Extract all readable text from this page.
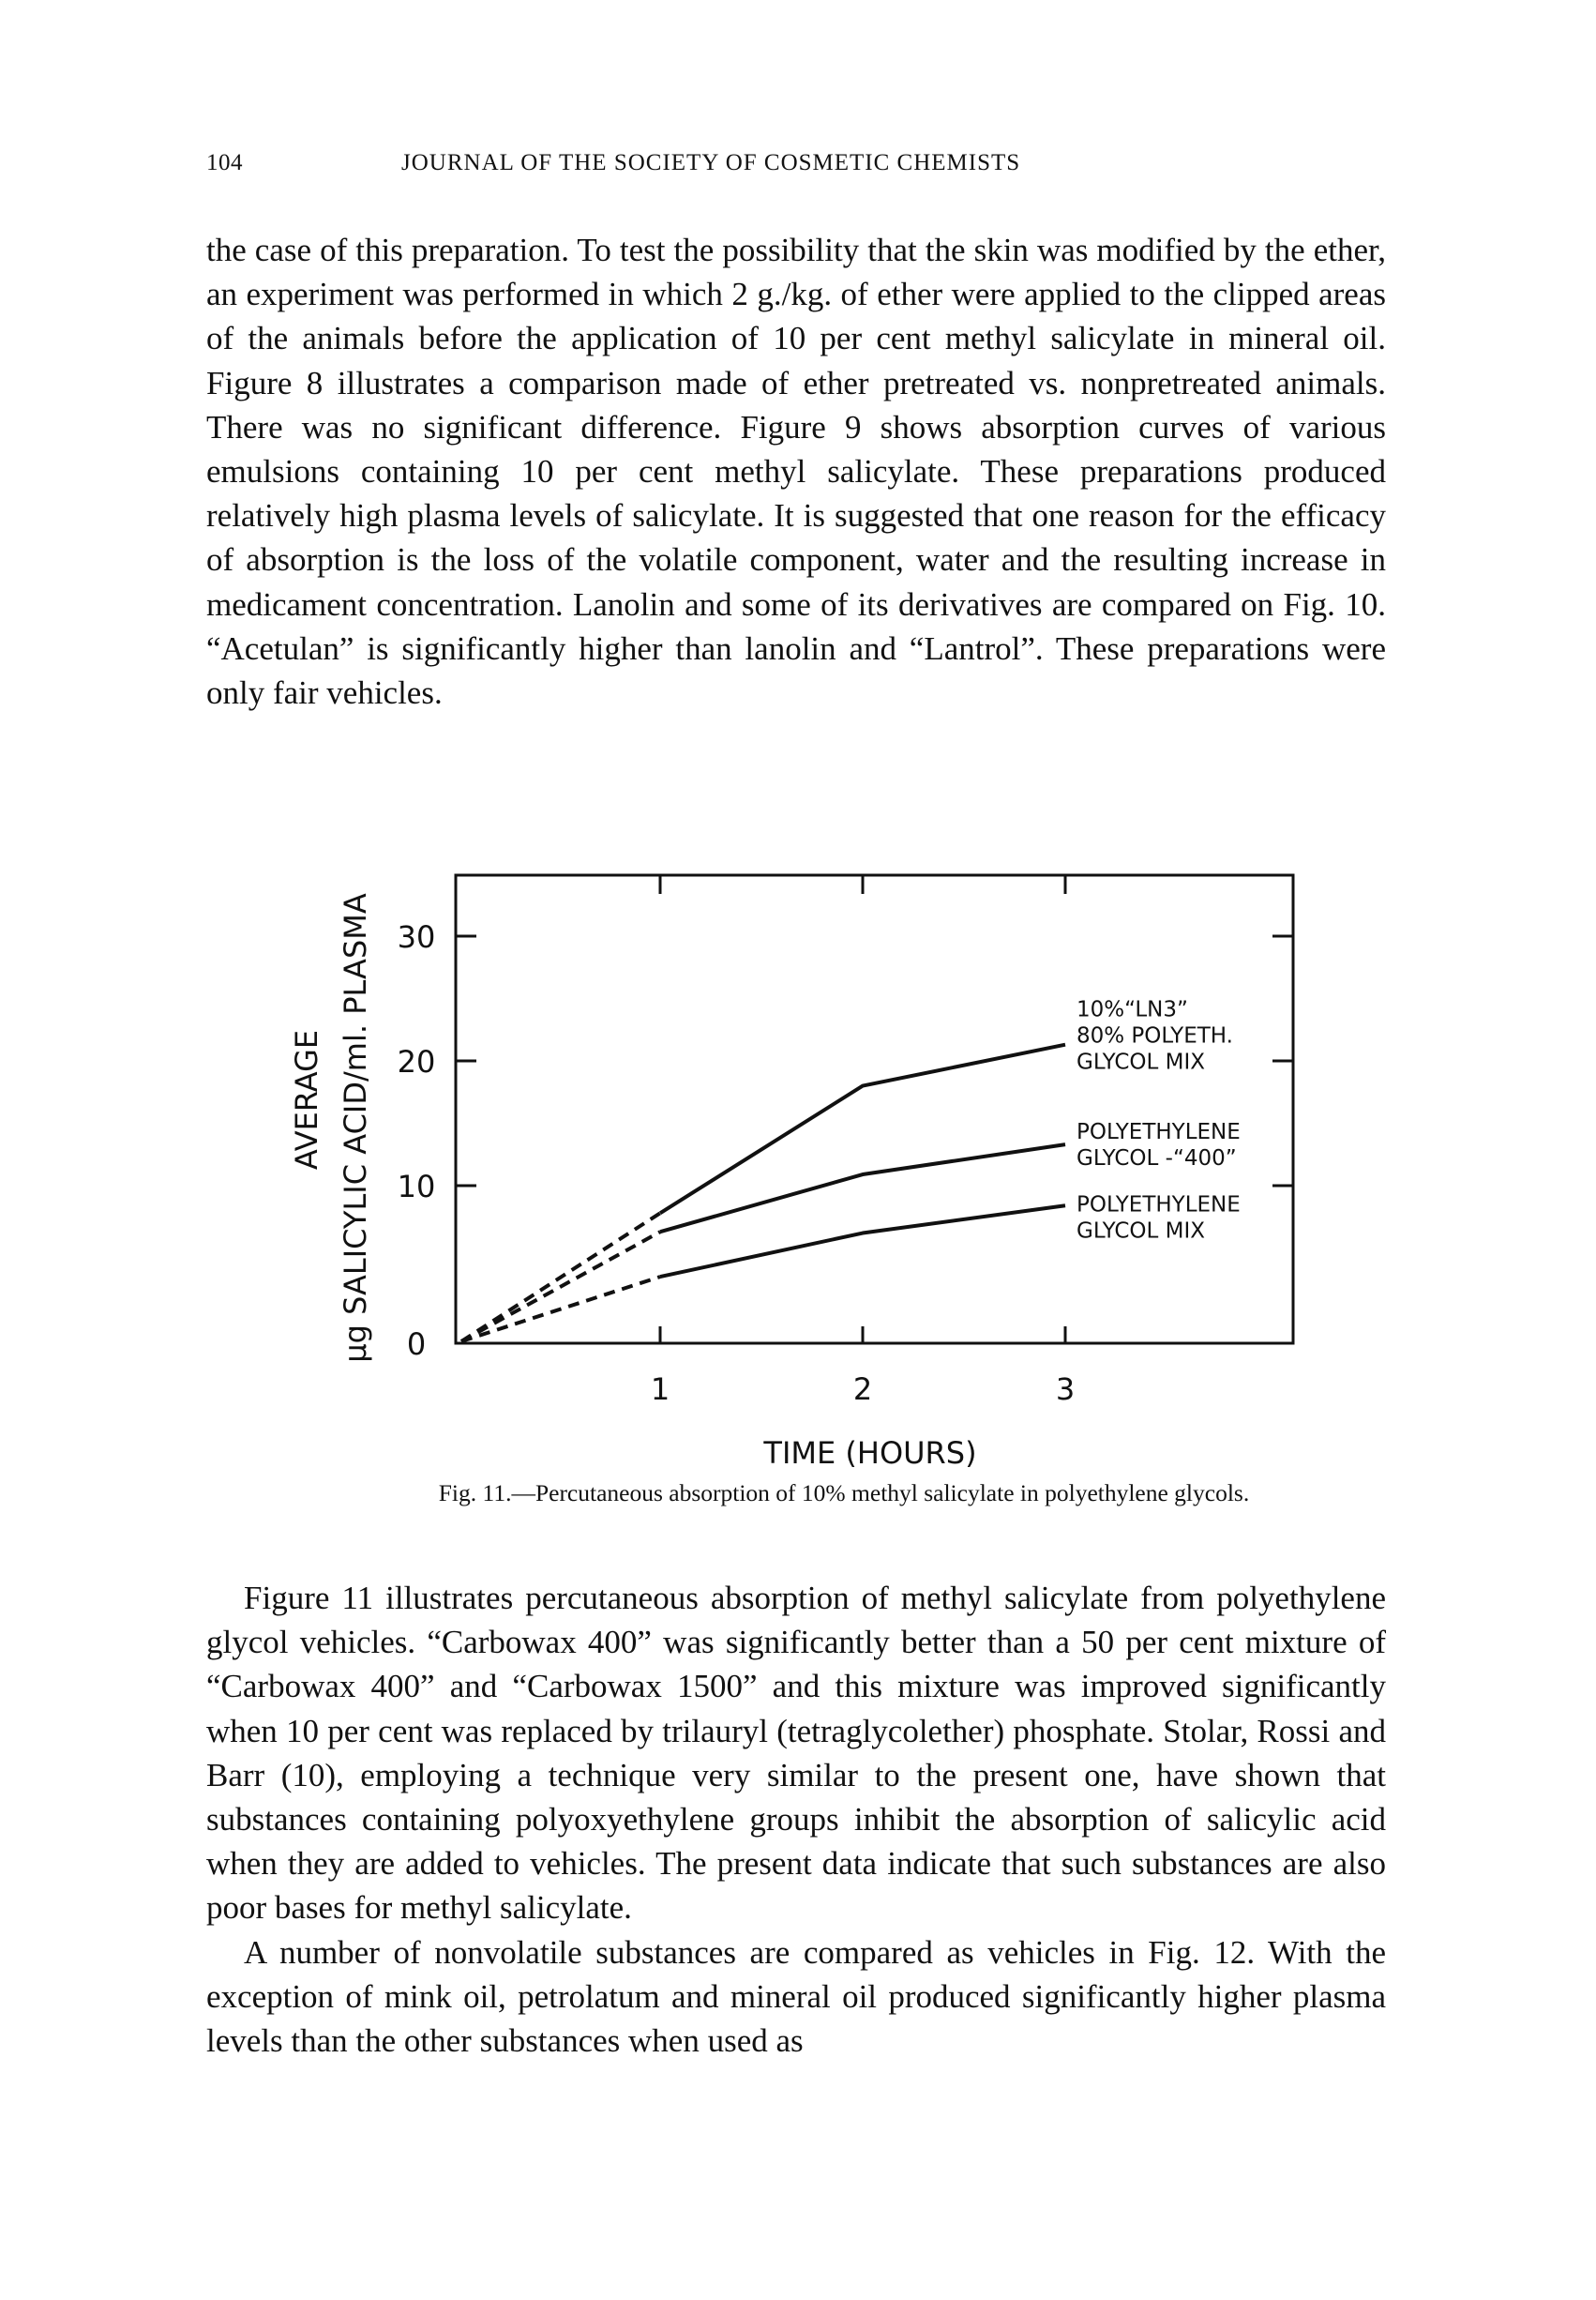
104	JOURNAL OF THE SOCIETY OF COSMETIC CHEMISTS

the case of this preparation. To test the possibility that the skin was modified by the ether, an experiment was performed in which 2 g./kg. of ether were applied to the clipped areas of the animals before the application of 10 per cent methyl salicylate in mineral oil. Figure 8 illustrates a comparison made of ether pretreated vs. nonpretreated animals. There was no significant difference. Figure 9 shows absorption curves of various emulsions containing 10 per cent methyl salicylate. These preparations produced relatively high plasma levels of salicylate. It is suggested that one reason for the efficacy of absorption is the loss of the volatile component, water and the resulting increase in medicament concentration. Lanolin and some of its derivatives are compared on Fig. 10. “Acetulan” is significantly higher than lanolin and “Lantrol”. These preparations were only fair vehicles.

0
10
20
30
1	2	3
TIME (HOURS)
AVERAGE µg SALICYLIC ACID/ml. PLASMA	10%“LN3”
80% POLYETH.
GLYCOL MIX
POLYETHYLENE
GLYCOL -“400”
POLYETHYLENE
GLYCOL MIX
Fig. 11.—Percutaneous absorption of 10% methyl salicylate in polyethylene glycols.

Figure 11 illustrates percutaneous absorption of methyl salicylate from polyethylene glycol vehicles. “Carbowax 400” was significantly better than a 50 per cent mixture of “Carbowax 400” and “Carbowax 1500” and this mixture was improved significantly when 10 per cent was replaced by trilauryl (tetraglycolether) phosphate. Stolar, Rossi and Barr (10), employing a technique very similar to the present one, have shown that substances containing polyoxyethylene groups inhibit the absorption of salicylic acid when they are added to vehicles. The present data indicate that such substances are also poor bases for methyl salicylate.

A number of nonvolatile substances are compared as vehicles in Fig. 12. With the exception of mink oil, petrolatum and mineral oil produced significantly higher plasma levels than the other substances when used as
